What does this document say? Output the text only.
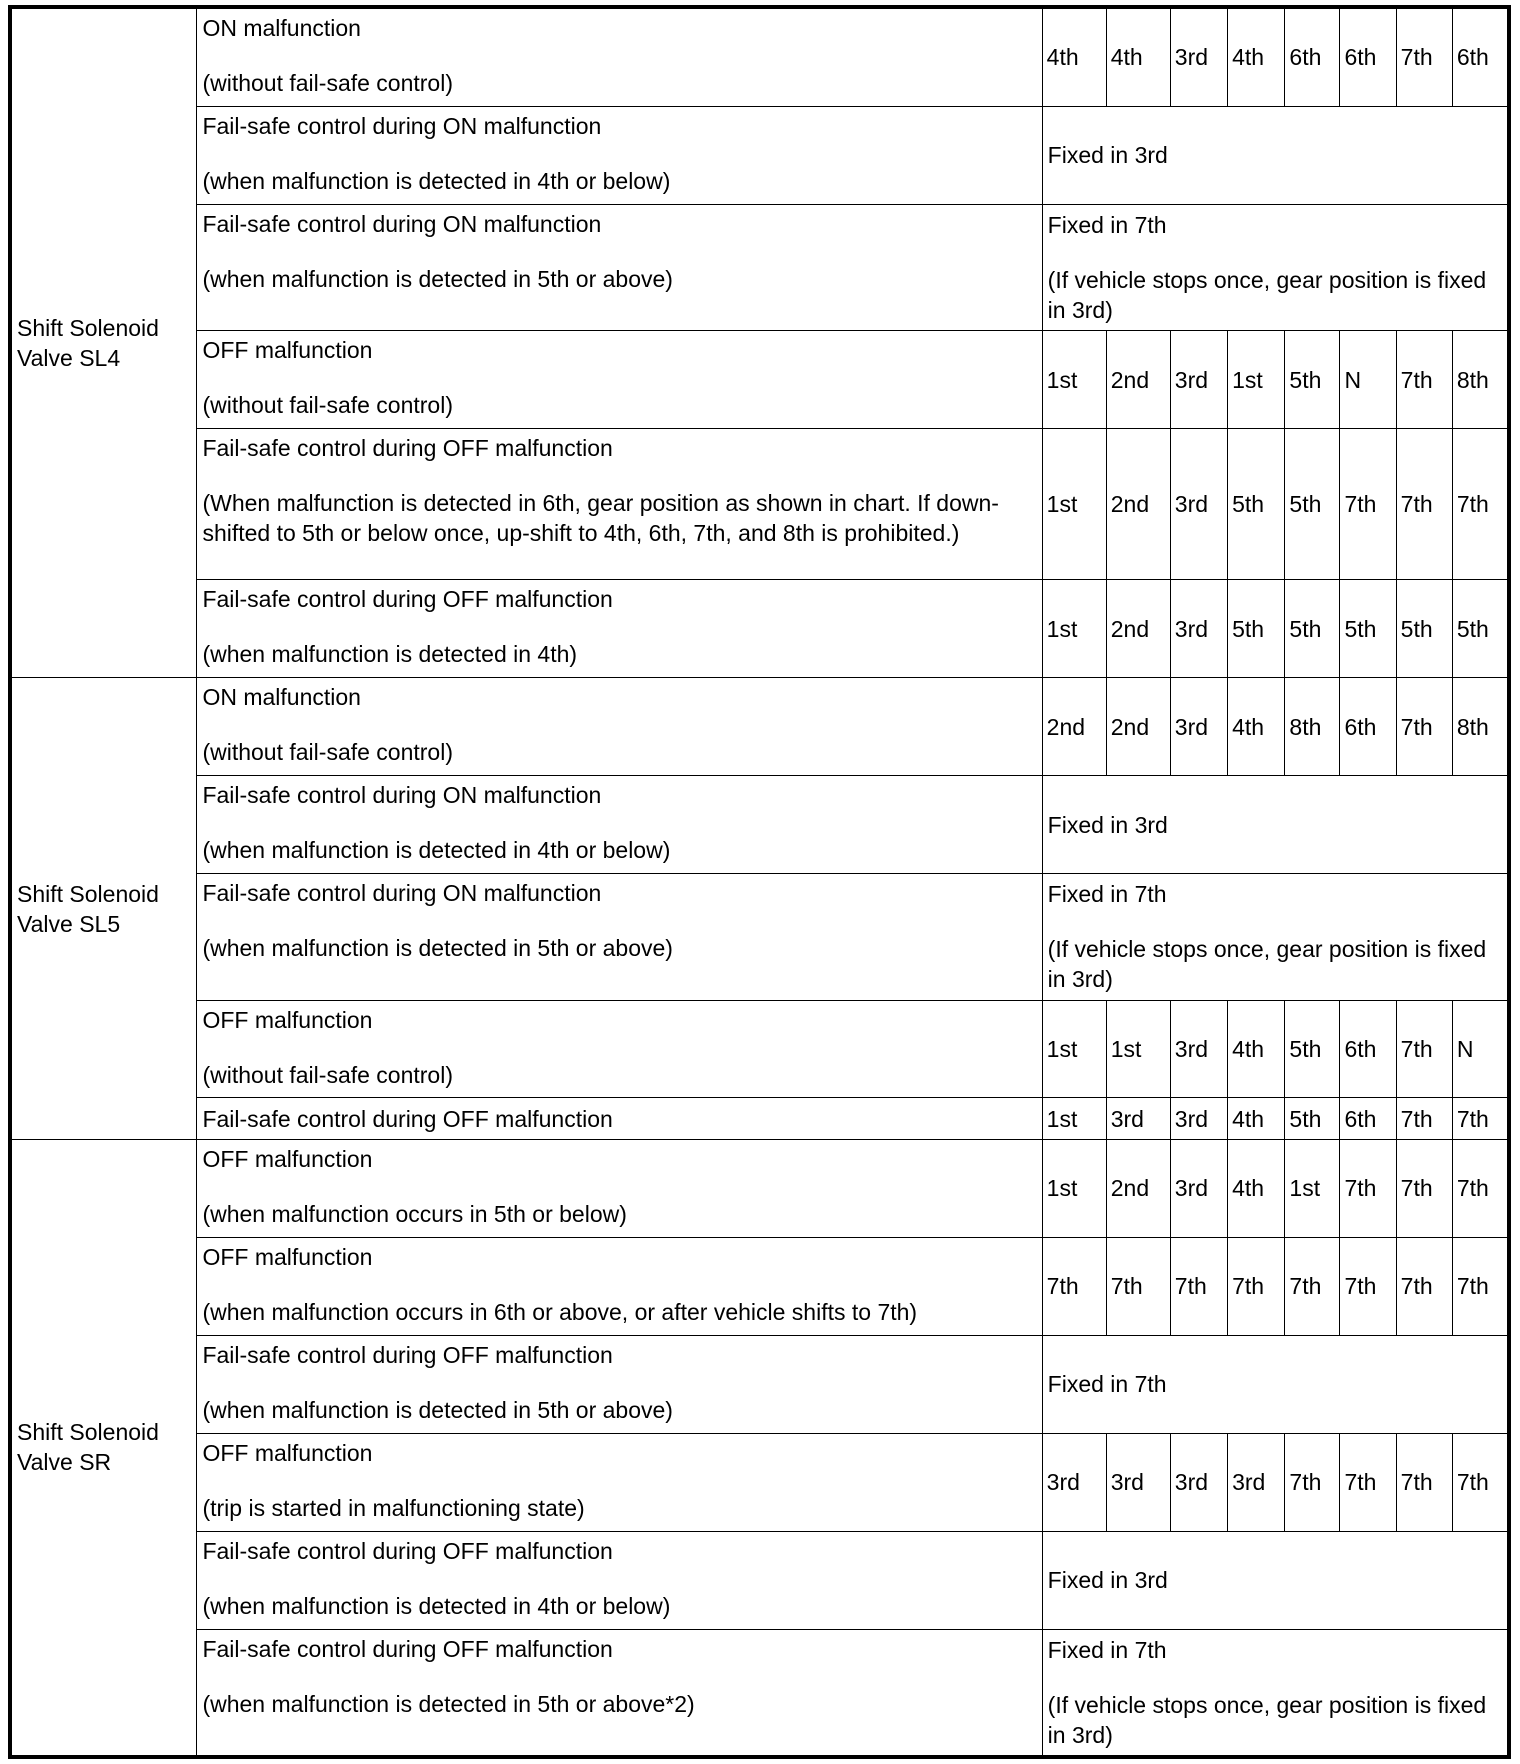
Shift Solenoid
Valve SL4	ON malfunction
(without fail-safe control)	4th	4th	3rd	4th	6th	6th	7th	6th

	Fail-safe control during ON malfunction
(when malfunction is detected in 4th or below)	Fixed in 3rd							

	Fail-safe control during ON malfunction
(when malfunction is detected in 5th or above)	Fixed in 7th
(If vehicle stops once, gear position is fixed in 3rd)							

	OFF malfunction
(without fail-safe control)	1st	2nd	3rd	1st	5th	N	7th	8th

	Fail-safe control during OFF malfunction
(When malfunction is detected in 6th, gear position as shown in chart. If down-shifted to 5th or below once, up-shift to 4th, 6th, 7th, and 8th is prohibited.)	1st	2nd	3rd	5th	5th	7th	7th	7th

	Fail-safe control during OFF malfunction
(when malfunction is detected in 4th)	1st	2nd	3rd	5th	5th	5th	5th	5th

Shift Solenoid
Valve SL5	ON malfunction
(without fail-safe control)	2nd	2nd	3rd	4th	8th	6th	7th	8th

	Fail-safe control during ON malfunction
(when malfunction is detected in 4th or below)	Fixed in 3rd							

	Fail-safe control during ON malfunction
(when malfunction is detected in 5th or above)	Fixed in 7th
(If vehicle stops once, gear position is fixed in 3rd)							

	OFF malfunction
(without fail-safe control)	1st	1st	3rd	4th	5th	6th	7th	N

	Fail-safe control during OFF malfunction	1st	3rd	3rd	4th	5th	6th	7th	7th

Shift Solenoid
Valve SR	OFF malfunction
(when malfunction occurs in 5th or below)	1st	2nd	3rd	4th	1st	7th	7th	7th

	OFF malfunction
(when malfunction occurs in 6th or above, or after vehicle shifts to 7th)	7th	7th	7th	7th	7th	7th	7th	7th

	Fail-safe control during OFF malfunction
(when malfunction is detected in 5th or above)	Fixed in 7th							

	OFF malfunction
(trip is started in malfunctioning state)	3rd	3rd	3rd	3rd	7th	7th	7th	7th

	Fail-safe control during OFF malfunction
(when malfunction is detected in 4th or below)	Fixed in 3rd							

	Fail-safe control during OFF malfunction
(when malfunction is detected in 5th or above*2)	Fixed in 7th
(If vehicle stops once, gear position is fixed in 3rd)							
